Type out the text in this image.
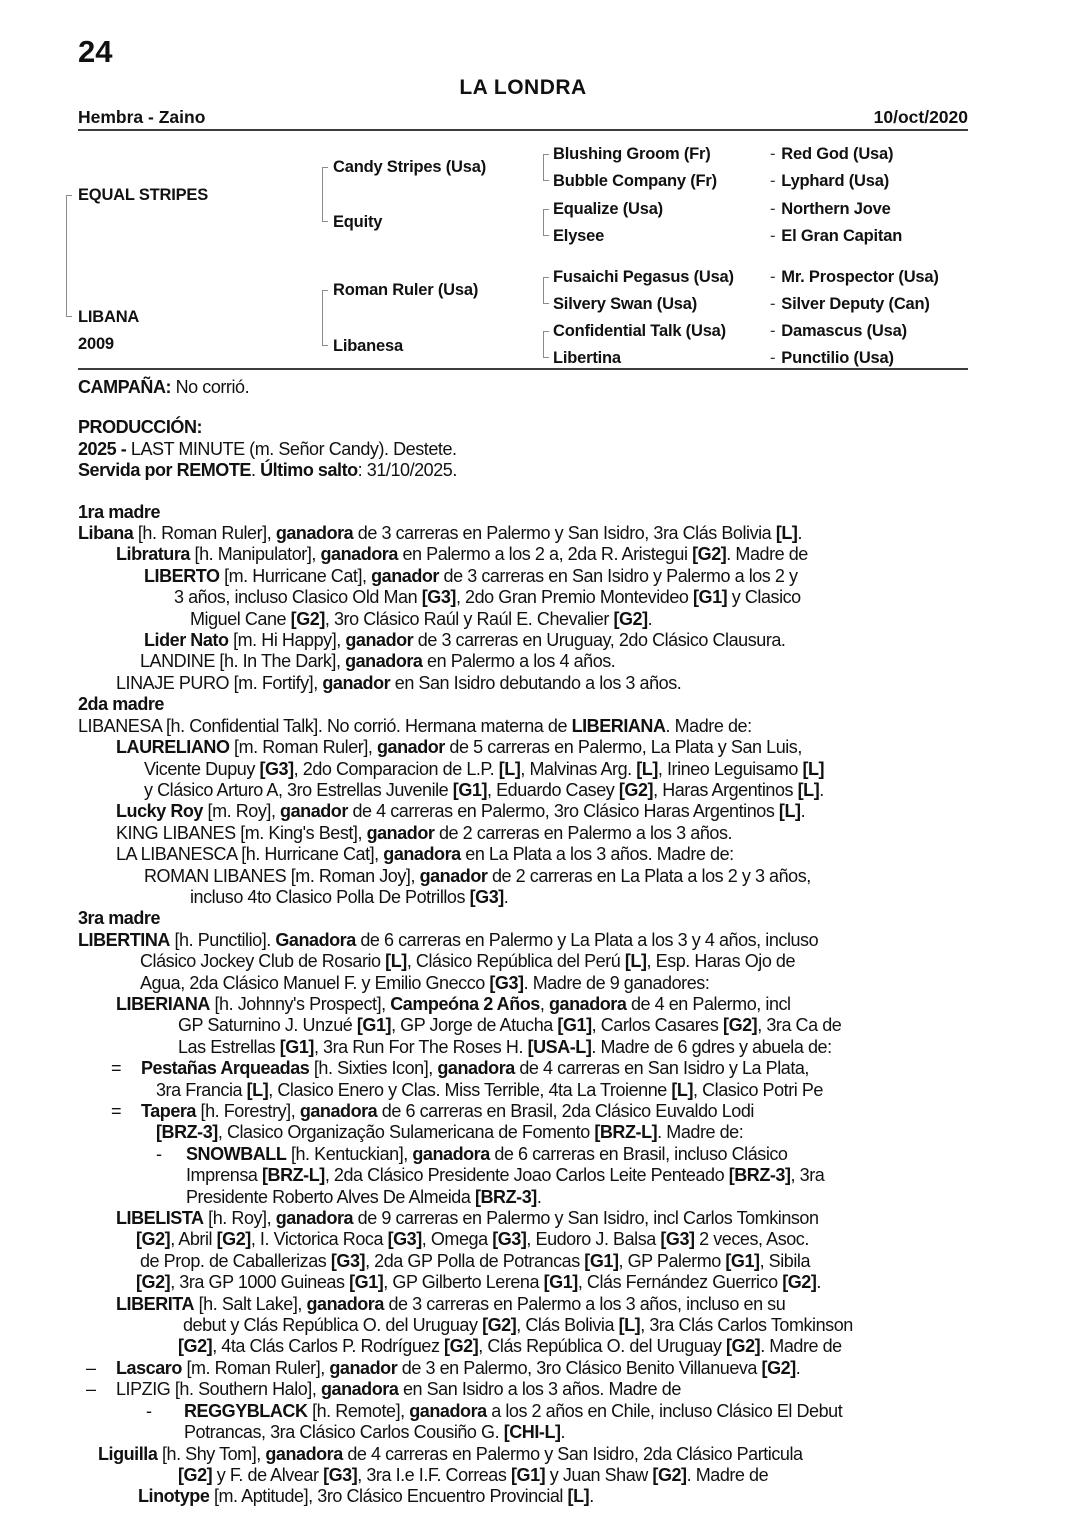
24
LA LONDRA
Hembra - Zaino	10/oct/2020
EQUAL STRIPES
LIBANA
2009
Candy Stripes (Usa)
Equity
Roman Ruler (Usa)
Libanesa
Blushing Groom (Fr)
Bubble Company (Fr)
Equalize (Usa)
Elysee
Fusaichi Pegasus (Usa)
Silvery Swan (Usa)
Confidential Talk (Usa)
Libertina
- Red God (Usa)
- Lyphard (Usa)
- Northern Jove
- El Gran Capitan
- Mr. Prospector (Usa)
- Silver Deputy (Can)
- Damascus (Usa)
- Punctilio (Usa)
CAMPAÑA: No corrió.
PRODUCCIÓN:
2025 - LAST MINUTE (m. Señor Candy). Destete.
Servida por REMOTE. Último salto: 31/10/2025.
1ra madre
Libana [h. Roman Ruler], ganadora de 3 carreras en Palermo y San Isidro, 3ra Clás Bolivia [L].
Libratura [h. Manipulator], ganadora en Palermo a los 2 a, 2da R. Aristegui [G2]. Madre de
LIBERTO [m. Hurricane Cat], ganador de 3 carreras en San Isidro y Palermo a los 2 y
3 años, incluso Clasico Old Man [G3], 2do Gran Premio Montevideo [G1] y Clasico
Miguel Cane [G2], 3ro Clásico Raúl y Raúl E. Chevalier [G2].
Lider Nato [m. Hi Happy], ganador de 3 carreras en Uruguay, 2do Clásico Clausura.
LANDINE [h. In The Dark], ganadora en Palermo a los 4 años.
LINAJE PURO [m. Fortify], ganador en San Isidro debutando a los 3 años.
2da madre
LIBANESA [h. Confidential Talk]. No corrió. Hermana materna de LIBERIANA. Madre de:
LAURELIANO [m. Roman Ruler], ganador de 5 carreras en Palermo, La Plata y San Luis,
Vicente Dupuy [G3], 2do Comparacion de L.P. [L], Malvinas Arg. [L], Irineo Leguisamo [L]
y Clásico Arturo A, 3ro Estrellas Juvenile [G1], Eduardo Casey [G2], Haras Argentinos [L].
Lucky Roy [m. Roy], ganador de 4 carreras en Palermo, 3ro Clásico Haras Argentinos [L].
KING LIBANES [m. King's Best], ganador de 2 carreras en Palermo a los 3 años.
LA LIBANESCA [h. Hurricane Cat], ganadora en La Plata a los 3 años. Madre de:
ROMAN LIBANES [m. Roman Joy], ganador de 2 carreras en La Plata a los 2 y 3 años,
incluso 4to Clasico Polla De Potrillos [G3].
3ra madre
LIBERTINA [h. Punctilio]. Ganadora de 6 carreras en Palermo y La Plata a los 3 y 4 años, incluso
Clásico Jockey Club de Rosario [L], Clásico República del Perú [L], Esp. Haras Ojo de
Agua, 2da Clásico Manuel F. y Emilio Gnecco [G3]. Madre de 9 ganadores:
LIBERIANA [h. Johnny's Prospect], Campeóna 2 Años, ganadora de 4 en Palermo, incl
GP Saturnino J. Unzué [G1], GP Jorge de Atucha [G1], Carlos Casares [G2], 3ra Ca de
Las Estrellas [G1], 3ra Run For The Roses H. [USA-L]. Madre de 6 gdres y abuela de:
= Pestañas Arqueadas [h. Sixties Icon], ganadora de 4 carreras en San Isidro y La Plata,
3ra Francia [L], Clasico Enero y Clas. Miss Terrible, 4ta La Troienne [L], Clasico Potri Pe
= Tapera [h. Forestry], ganadora de 6 carreras en Brasil, 2da Clásico Euvaldo Lodi
[BRZ-3], Clasico Organização Sulamericana de Fomento [BRZ-L]. Madre de:
- SNOWBALL [h. Kentuckian], ganadora de 6 carreras en Brasil, incluso Clásico
Imprensa [BRZ-L], 2da Clásico Presidente Joao Carlos Leite Penteado [BRZ-3], 3ra
Presidente Roberto Alves De Almeida [BRZ-3].
LIBELISTA [h. Roy], ganadora de 9 carreras en Palermo y San Isidro, incl Carlos Tomkinson
[G2], Abril [G2], I. Victorica Roca [G3], Omega [G3], Eudoro J. Balsa [G3] 2 veces, Asoc.
de Prop. de Caballerizas [G3], 2da GP Polla de Potrancas [G1], GP Palermo [G1], Sibila
[G2], 3ra GP 1000 Guineas [G1], GP Gilberto Lerena [G1], Clás Fernández Guerrico [G2].
LIBERITA [h. Salt Lake], ganadora de 3 carreras en Palermo a los 3 años, incluso en su
debut y Clás República O. del Uruguay [G2], Clás Bolivia [L], 3ra Clás Carlos Tomkinson
[G2], 4ta Clás Carlos P. Rodríguez [G2], Clás República O. del Uruguay [G2]. Madre de
– Lascaro [m. Roman Ruler], ganador de 3 en Palermo, 3ro Clásico Benito Villanueva [G2].
– LIPZIG [h. Southern Halo], ganadora en San Isidro a los 3 años. Madre de
- REGGYBLACK [h. Remote], ganadora a los 2 años en Chile, incluso Clásico El Debut
Potrancas, 3ra Clásico Carlos Cousiño G. [CHI-L].
Liguilla [h. Shy Tom], ganadora de 4 carreras en Palermo y San Isidro, 2da Clásico Particula
[G2] y F. de Alvear [G3], 3ra I.e I.F. Correas [G1] y Juan Shaw [G2]. Madre de
Linotype [m. Aptitude], 3ro Clásico Encuentro Provincial [L].
